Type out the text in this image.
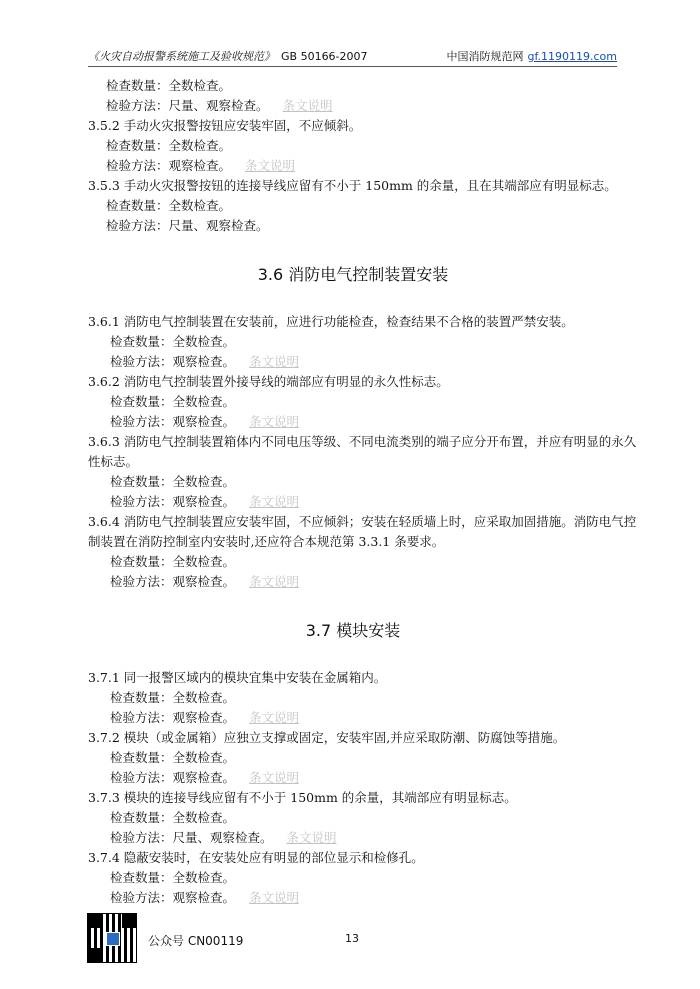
《火灾自动报警系统施工及验收规范》 GB 50166-2007	中国消防规范网 gf.1190119.com
检查数量：全数检查。
检验方法：尺量、观察检查。 条文说明
3.5.2 手动火灾报警按钮应安装牢固，不应倾斜。
检查数量：全数检查。
检验方法：观察检查。 条文说明
3.5.3 手动火灾报警按钮的连接导线应留有不小于 150mm 的余量，且在其端部应有明显标志。
检查数量：全数检查。
检验方法：尺量、观察检查。
3.6 消防电气控制装置安装
3.6.1 消防电气控制装置在安装前，应进行功能检查，检查结果不合格的装置严禁安装。
检查数量：全数检查。
检验方法：观察检查。 条文说明
3.6.2 消防电气控制装置外接导线的端部应有明显的永久性标志。
检查数量：全数检查。
检验方法：观察检查。 条文说明
3.6.3 消防电气控制装置箱体内不同电压等级、不同电流类别的端子应分开布置，并应有明显的永久
性标志。
检查数量：全数检查。
检验方法：观察检查。 条文说明
3.6.4 消防电气控制装置应安装牢固，不应倾斜；安装在轻质墙上时，应采取加固措施。消防电气控
制装置在消防控制室内安装时,还应符合本规范第 3.3.1 条要求。
检查数量：全数检查。
检验方法：观察检查。 条文说明
3.7 模块安装
3.7.1 同一报警区域内的模块宜集中安装在金属箱内。
检查数量：全数检查。
检验方法：观察检查。 条文说明
3.7.2 模块（或金属箱）应独立支撑或固定，安装牢固,并应采取防潮、防腐蚀等措施。
检查数量：全数检查。
检验方法：观察检查。 条文说明
3.7.3 模块的连接导线应留有不小于 150mm 的余量，其端部应有明显标志。
检查数量：全数检查。
检验方法：尺量、观察检查。 条文说明
3.7.4 隐蔽安装时，在安装处应有明显的部位显示和检修孔。
检查数量：全数检查。
检验方法：观察检查。 条文说明
公众号 CN00119	13
